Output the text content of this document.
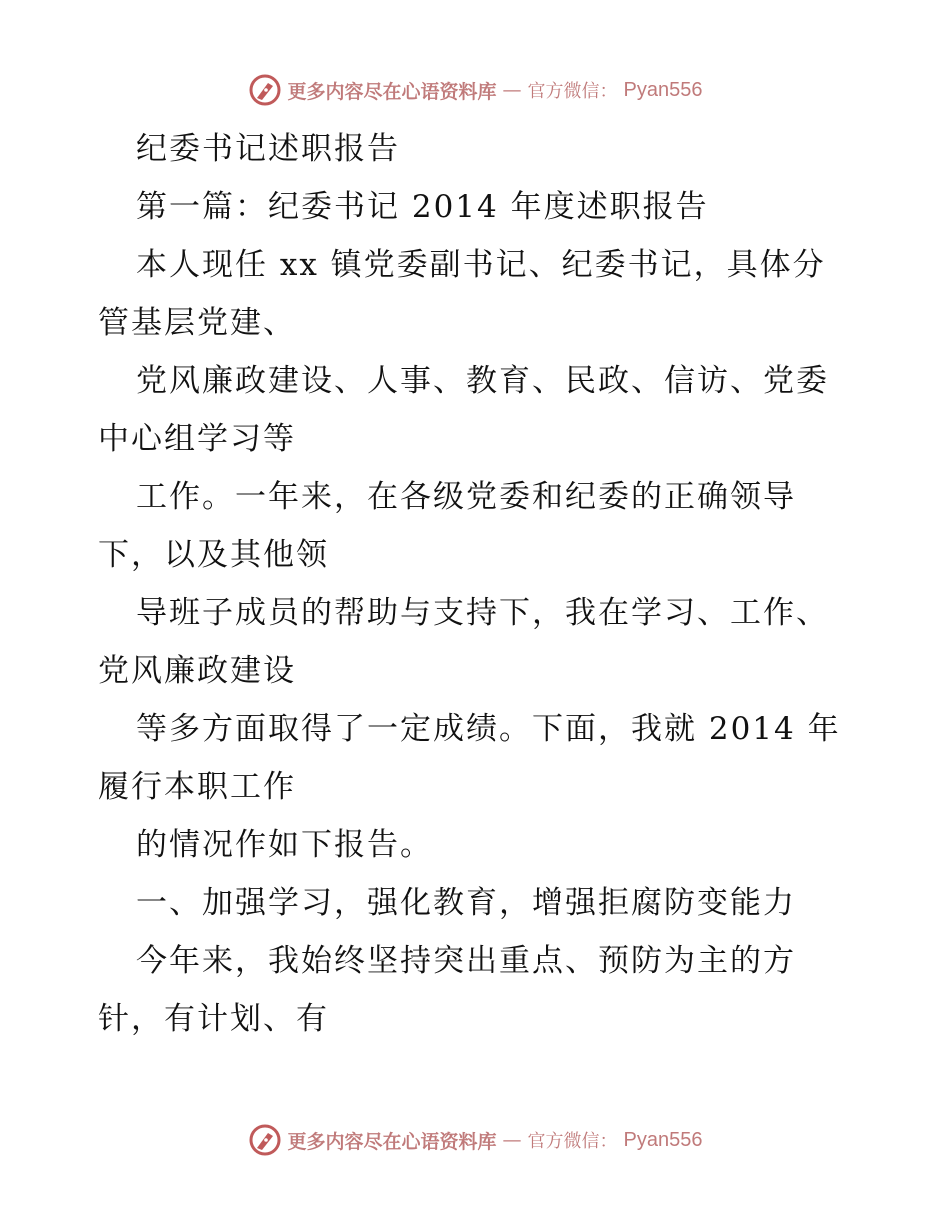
更多内容尽在心语资料库 — 官方微信： Pyan556
纪委书记述职报告
第一篇：纪委书记 2014 年度述职报告
本人现任 xx 镇党委副书记、纪委书记，具体分
管基层党建、
党风廉政建设、人事、教育、民政、信访、党委
中心组学习等
工作。一年来，在各级党委和纪委的正确领导
下，以及其他领
导班子成员的帮助与支持下，我在学习、工作、
党风廉政建设
等多方面取得了一定成绩。下面，我就 2014 年
履行本职工作
的情况作如下报告。
一、加强学习，强化教育，增强拒腐防变能力
今年来，我始终坚持突出重点、预防为主的方
针，有计划、有
更多内容尽在心语资料库 — 官方微信： Pyan556
